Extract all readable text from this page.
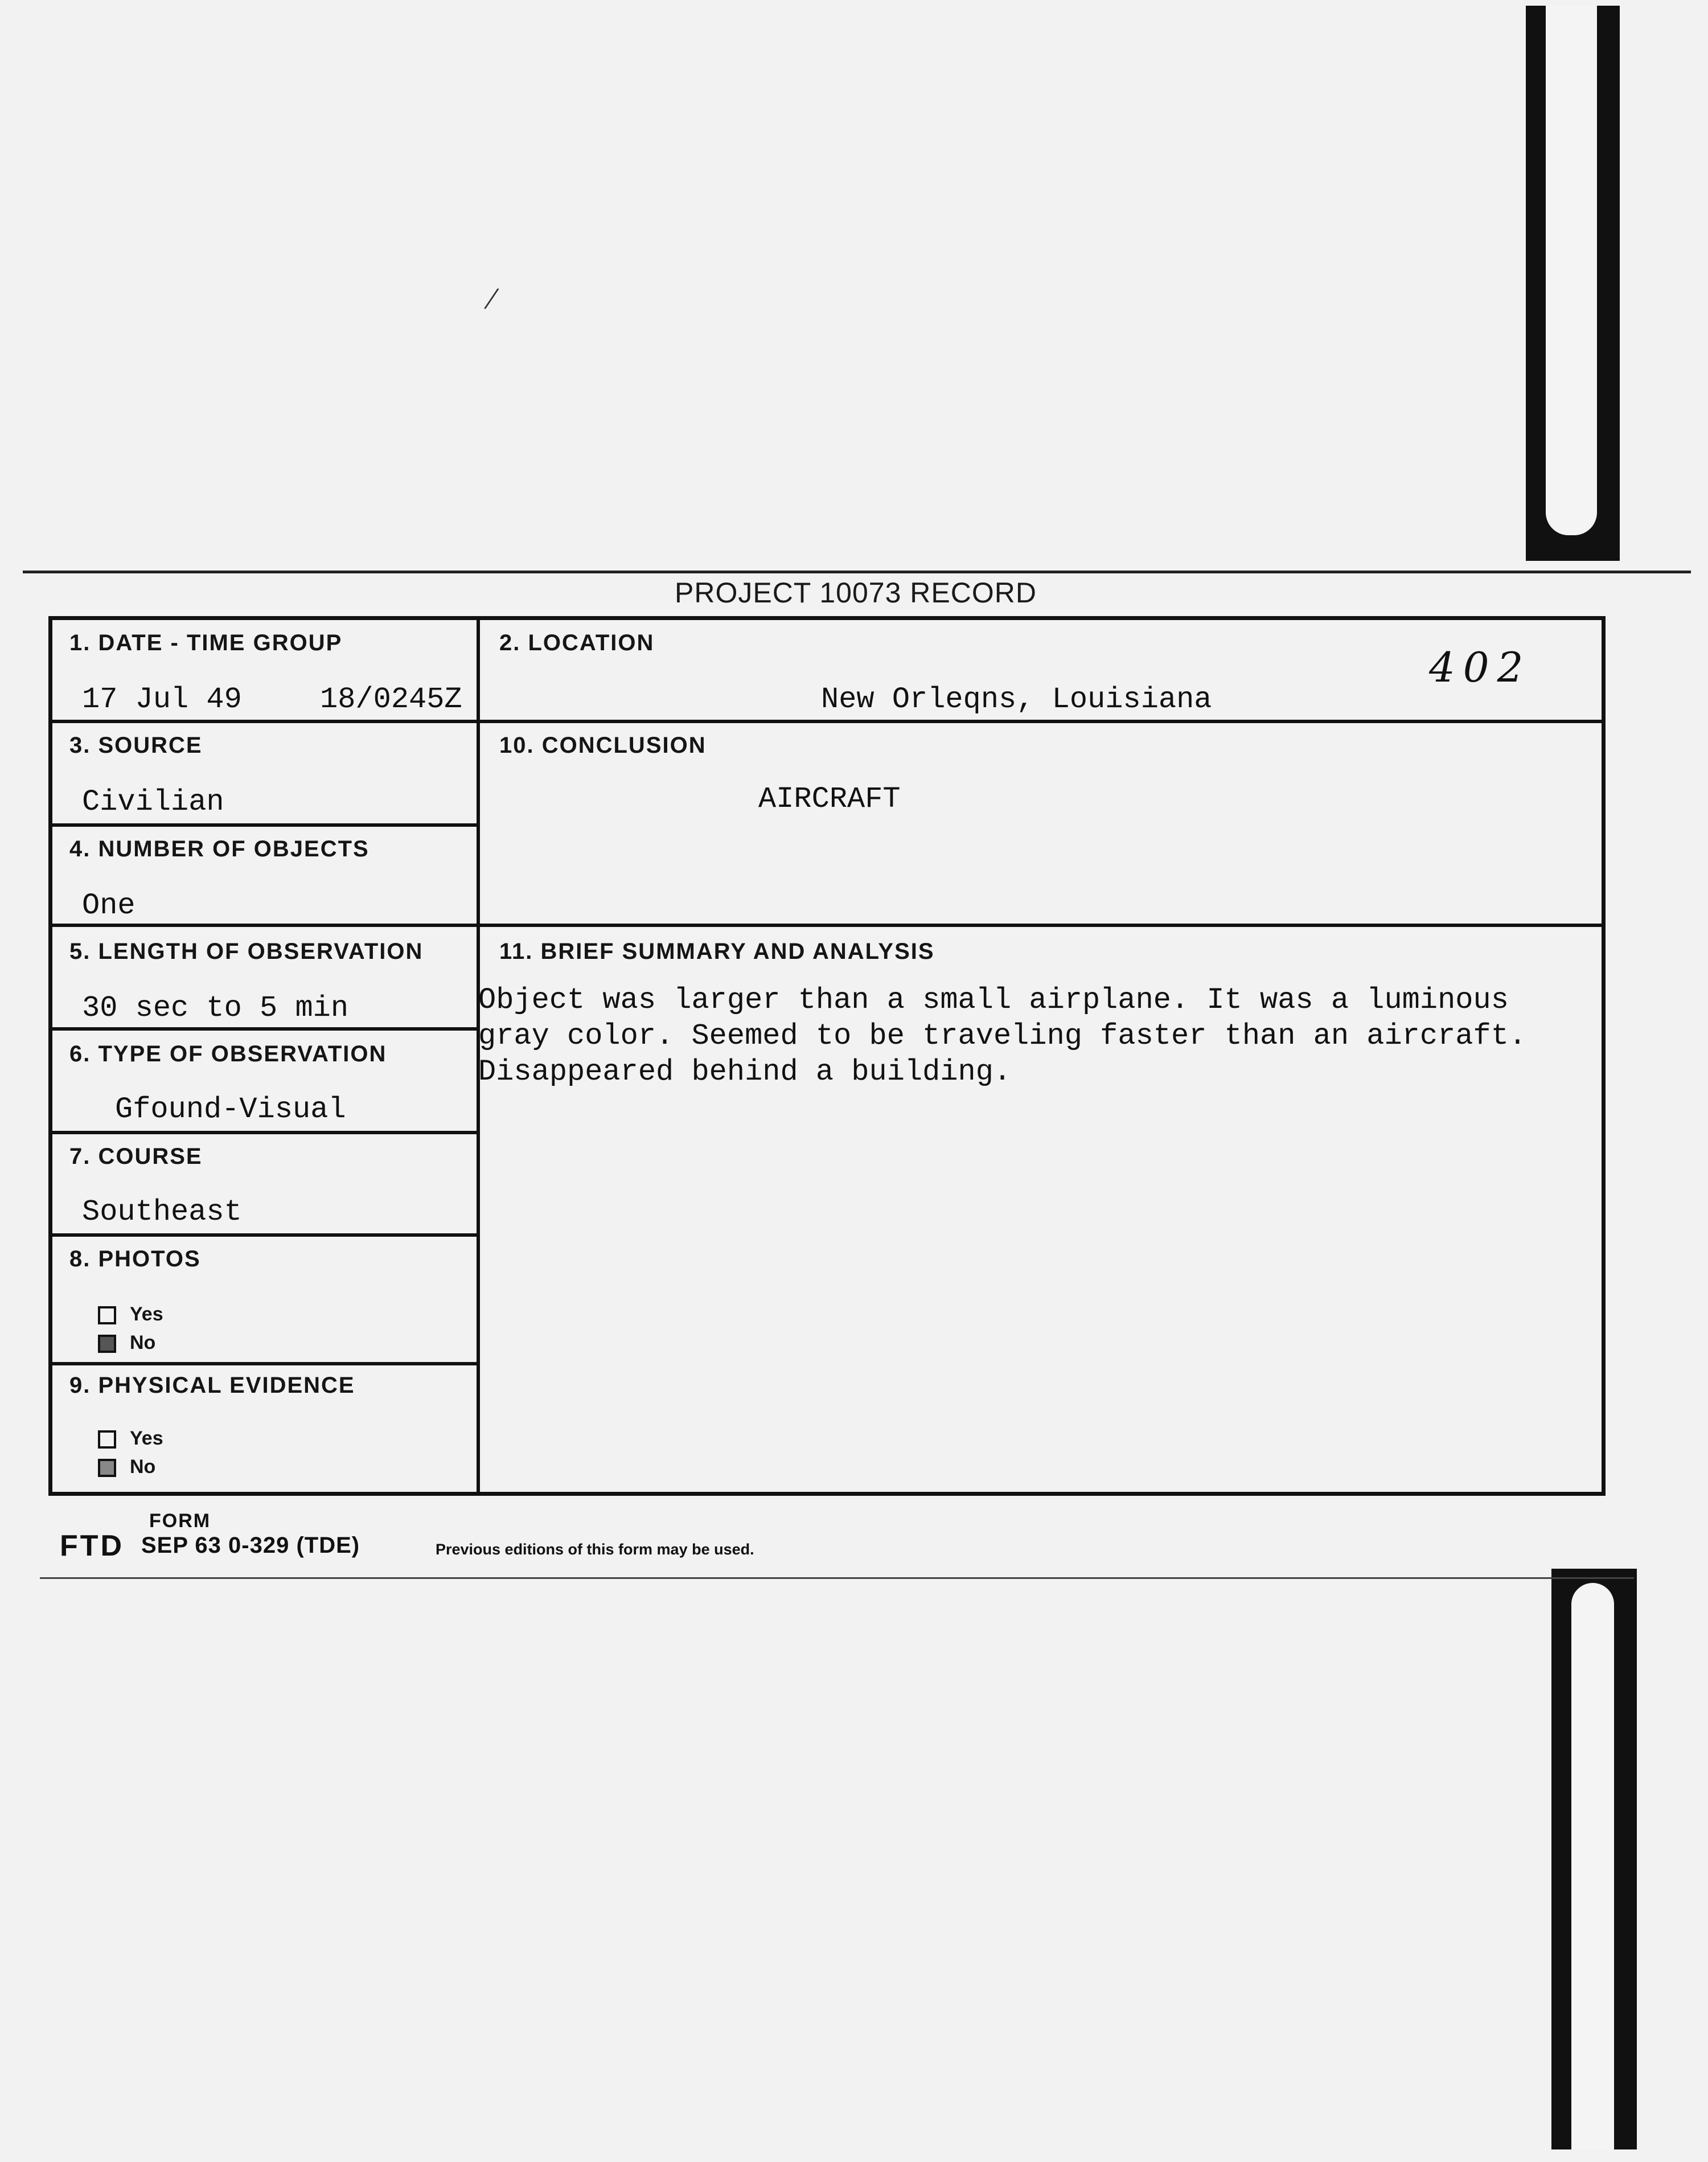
/
PROJECT 10073 RECORD
1. DATE - TIME GROUP
17 Jul 49	18/0245Z
2. LOCATION
New Orleqns, Louisiana
3. SOURCE
Civilian
10. CONCLUSION
AIRCRAFT
4. NUMBER OF OBJECTS
One
5. LENGTH OF OBSERVATION
30 sec to 5 min
11. BRIEF SUMMARY AND ANALYSIS
6. TYPE OF OBSERVATION
Gfound-Visual
7. COURSE
Southeast
8. PHOTOS
Yes
No
9. PHYSICAL EVIDENCE
Yes
No
402

Object was larger than a small airplane. It was a luminous

gray color. Seemed to be traveling faster than an aircraft.

Disappeared behind a building.

FORM
FTD SEP 63 0-329 (TDE)	Previous editions of this form may be used.
